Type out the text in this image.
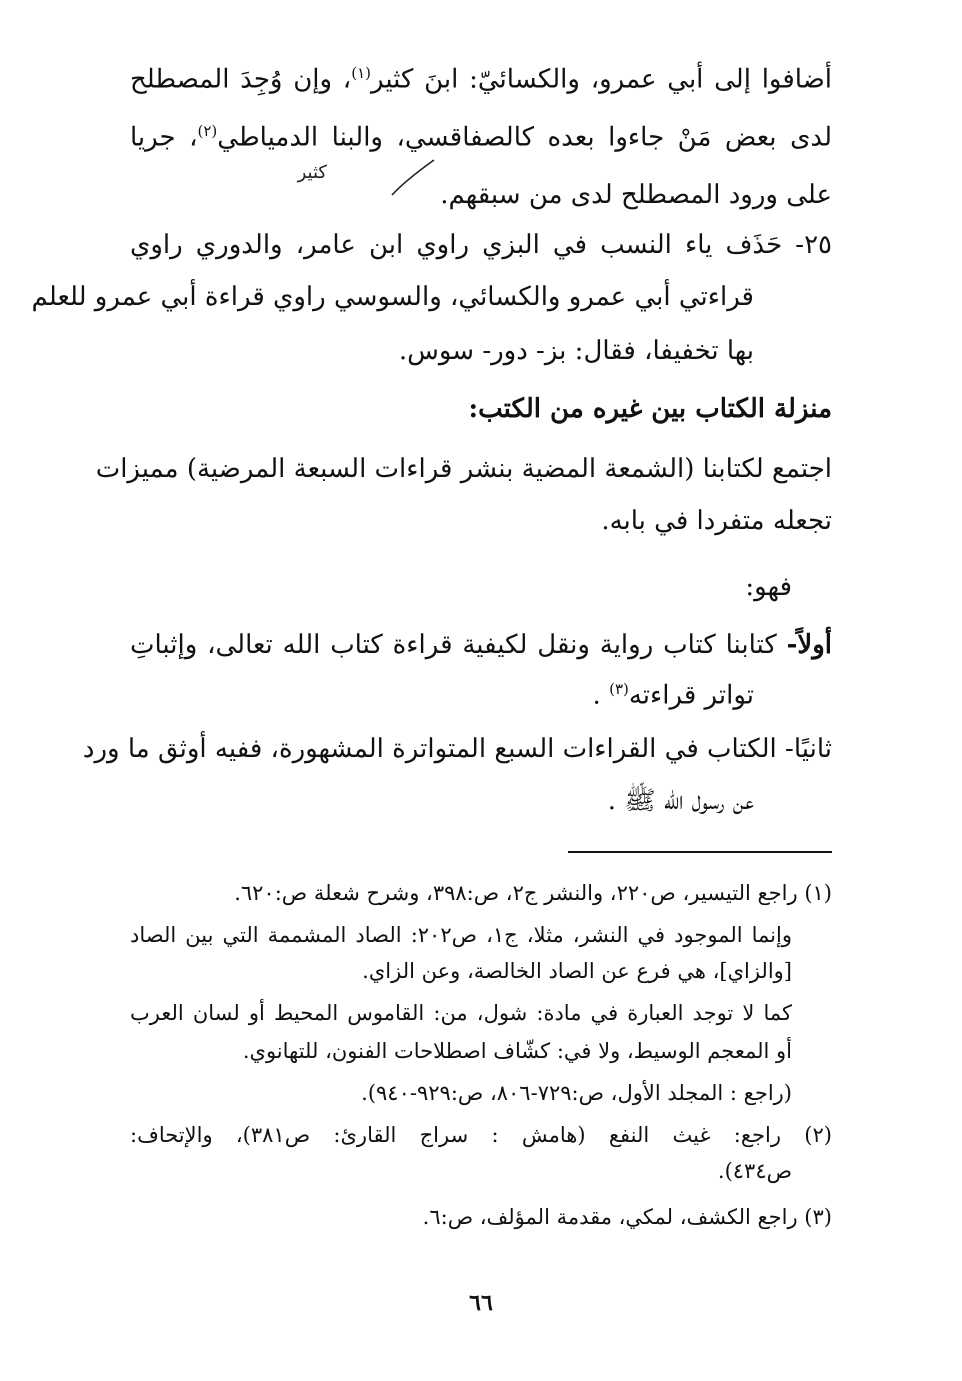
أضافوا إلى أبي عمرو، والكسائيّ: ابنَ كثير$^{(١)}$، وإن وُجِدَ المصطلح
لدى بعض مَنْ جاءوا بعده كالصفاقسي، والبنا الدمياطي$^{(٢)}$، جريا
على ورود المصطلح لدى من سبقهم.
٢٥- حَذَف ياء النسب في البزي راوي ابن عامر، والدوري راوي
قراءتي أبي عمرو والكسائي، والسوسي راوي قراءة أبي عمرو للعلم
بها تخفيفا، فقال: بز- دور- سوس.
منزلة الكتاب بين غيره من الكتب:
اجتمع لكتابنا (الشمعة المضية بنشر قراءات السبعة المرضية) مميزات
تجعله متفردا في بابه.
فهو:
أولاً- كتابنا كتاب رواية ونقل لكيفية قراءة كتاب الله تعالى، وإثباتِ
تواتر قراءته$^{(٣)}$ .
ثانيًا- الكتاب في القراءات السبع المتواترة المشهورة، ففيه أوثق ما ورد
عن رسول الله ﷺ .
(١) راجع التيسير، ص٢٢٠، والنشر ج٢، ص:٣٩٨، وشرح شعلة ص:٦٢٠.
وإنما الموجود في النشر، مثلا، ج١، ص٢٠٢: الصاد المشممة التي بين الصاد
[والزاي]، هي فرع عن الصاد الخالصة، وعن الزاي.
كما لا توجد العبارة في مادة: شول، من: القاموس المحيط أو لسان العرب
أو المعجم الوسيط، ولا في: كشّاف اصطلاحات الفنون، للتهانوي.
(راجع : المجلد الأول، ص:٧٢٩-٨٠٦، ص:٩٢٩-٩٤٠).
(٢) راجع: غيث النفع (هامش : سراج القارئ: ص٣٨١)، والإتحاف:
ص٤٣٤).
(٣) راجع الكشف، لمكي، مقدمة المؤلف، ص:٦.
كثير
٦٦
